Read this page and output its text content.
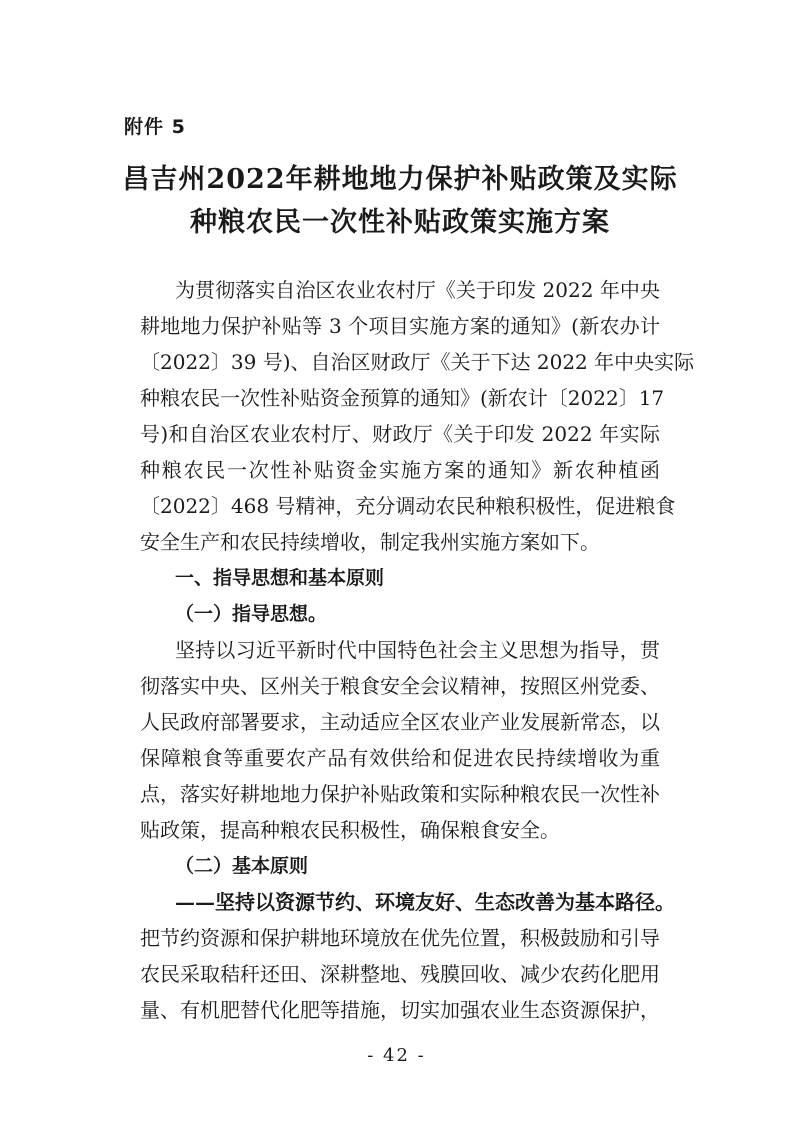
附件 5
昌吉州2022年耕地地力保护补贴政策及实际
种粮农民一次性补贴政策实施方案
为贯彻落实自治区农业农村厅《关于印发 2022 年中央
耕地地力保护补贴等 3 个项目实施方案的通知》(新农办计
〔2022〕39 号)、自治区财政厅《关于下达 2022 年中央实际
种粮农民一次性补贴资金预算的通知》(新农计〔2022〕17
号)和自治区农业农村厅、财政厅《关于印发 2022 年实际
种粮农民一次性补贴资金实施方案的通知》新农种植函
〔2022〕468 号精神，充分调动农民种粮积极性，促进粮食
安全生产和农民持续增收，制定我州实施方案如下。
一、指导思想和基本原则
（一）指导思想。
坚持以习近平新时代中国特色社会主义思想为指导，贯
彻落实中央、区州关于粮食安全会议精神，按照区州党委、
人民政府部署要求，主动适应全区农业产业发展新常态，以
保障粮食等重要农产品有效供给和促进农民持续增收为重
点，落实好耕地地力保护补贴政策和实际种粮农民一次性补
贴政策，提高种粮农民积极性，确保粮食安全。
（二）基本原则
——坚持以资源节约、环境友好、生态改善为基本路径。
把节约资源和保护耕地环境放在优先位置，积极鼓励和引导
农民采取秸秆还田、深耕整地、残膜回收、减少农药化肥用
量、有机肥替代化肥等措施，切实加强农业生态资源保护，
- 42 -
